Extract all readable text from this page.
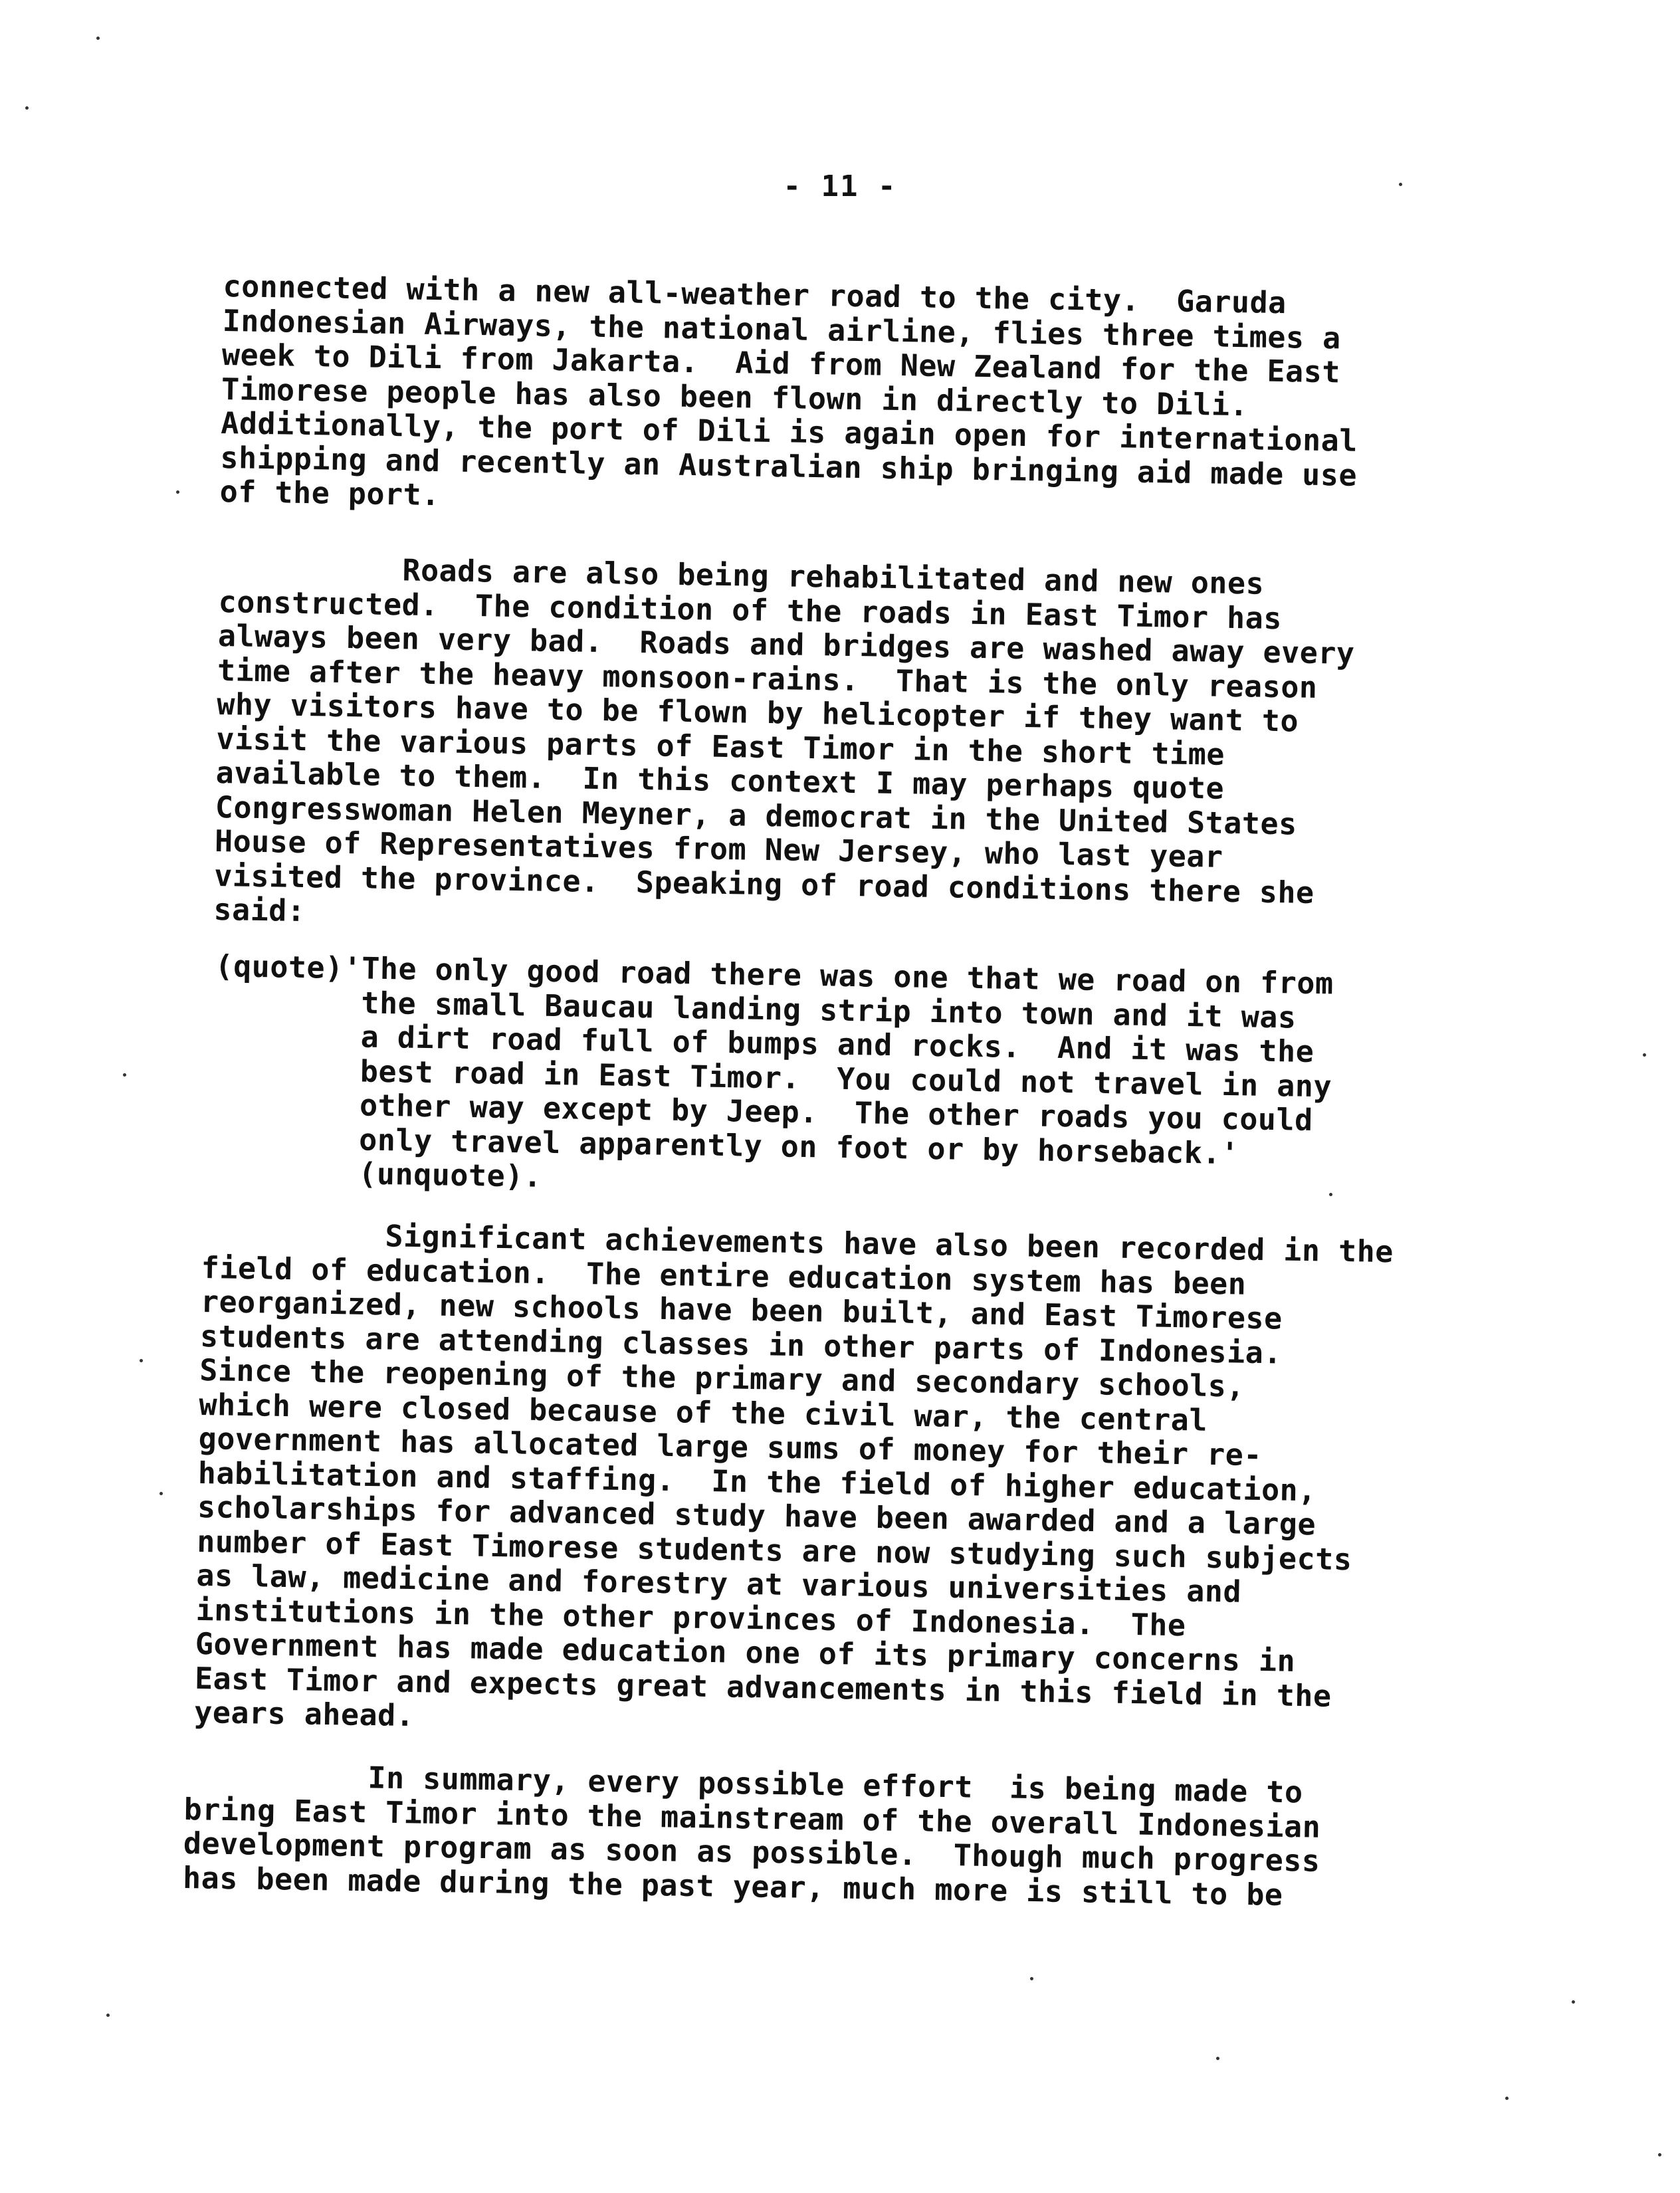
- 11 -

connected with a new all-weather road to the city.  Garuda
Indonesian Airways, the national airline, flies three times a
week to Dili from Jakarta.  Aid from New Zealand for the East
Timorese people has also been flown in directly to Dili.
Additionally, the port of Dili is again open for international
shipping and recently an Australian ship bringing aid made use
of the port.

Roads are also being rehabilitated and new ones
constructed.  The condition of the roads in East Timor has
always been very bad.  Roads and bridges are washed away every
time after the heavy monsoon-rains.  That is the only reason
why visitors have to be flown by helicopter if they want to
visit the various parts of East Timor in the short time
available to them.  In this context I may perhaps quote
Congresswoman Helen Meyner, a democrat in the United States
House of Representatives from New Jersey, who last year
visited the province.  Speaking of road conditions there she
said:

(quote)'The only good road there was one that we road on from
the small Baucau landing strip into town and it was
a dirt road full of bumps and rocks.  And it was the
best road in East Timor.  You could not travel in any
other way except by Jeep.  The other roads you could
only travel apparently on foot or by horseback.'
(unquote).

Significant achievements have also been recorded in the
field of education.  The entire education system has been
reorganized, new schools have been built, and East Timorese
students are attending classes in other parts of Indonesia.
Since the reopening of the primary and secondary schools,
which were closed because of the civil war, the central
government has allocated large sums of money for their re-
habilitation and staffing.  In the field of higher education,
scholarships for advanced study have been awarded and a large
number of East Timorese students are now studying such subjects
as law, medicine and forestry at various universities and
institutions in the other provinces of Indonesia.  The
Government has made education one of its primary concerns in
East Timor and expects great advancements in this field in the
years ahead.

In summary, every possible effort  is being made to
bring East Timor into the mainstream of the overall Indonesian
development program as soon as possible.  Though much progress
has been made during the past year, much more is still to be
